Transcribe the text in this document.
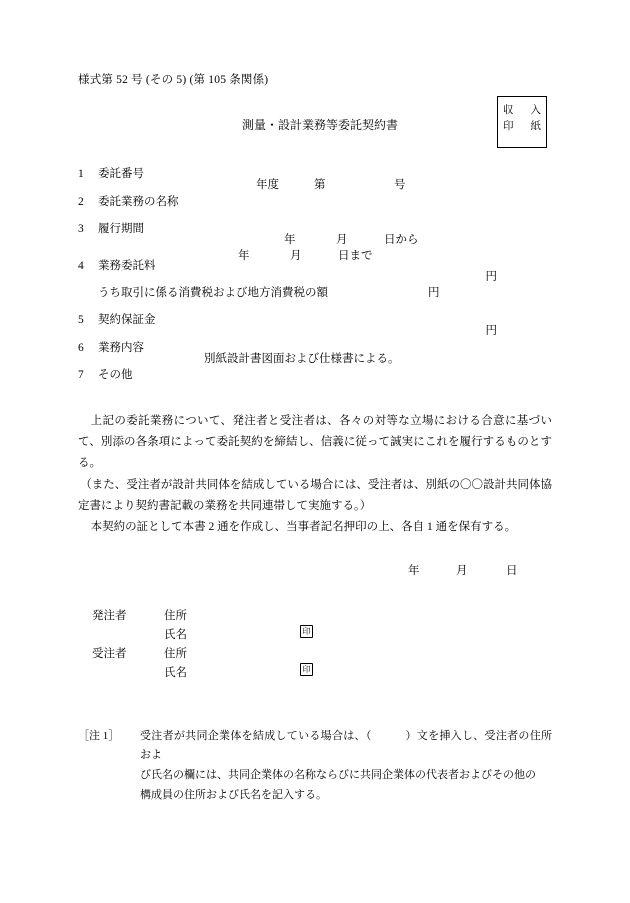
収 入
印 紙
様式第 52 号 (その 5) (第 105 条関係)
測量・設計業務等委託契約書
1	委託番号
年度	第	号
2	委託業務の名称
3	履行期間
年	月	日から
年	月	日まで
4	業務委託料
円
うち取引に係る消費税および地方消費税の額	円
5	契約保証金
円
6	業務内容
別紙設計書図面および仕様書による。
7	その他

上記の委託業務について、発注者と受注者は、各々の対等な立場における合意に基づいて、別添の各条項によって委託契約を締結し、信義に従って誠実にこれを履行するものとする。

（また、受注者が設計共同体を結成している場合には、受注者は、別紙の〇〇設計共同体協定書により契約書記載の業務を共同連帯して実施する。）

本契約の証として本書 2 通を作成し、当事者記名押印の上、各自 1 通を保有する。

年	月	日
発注者	住所
氏名	印
受注者	住所
氏名	印
［注 1］ 受注者が共同企業体を結成している場合は、（　　　）文を挿入し、受注者の住所およ
び氏名の欄には、共同企業体の名称ならびに共同企業体の代表者およびその他の
構成員の住所および氏名を記入する。
